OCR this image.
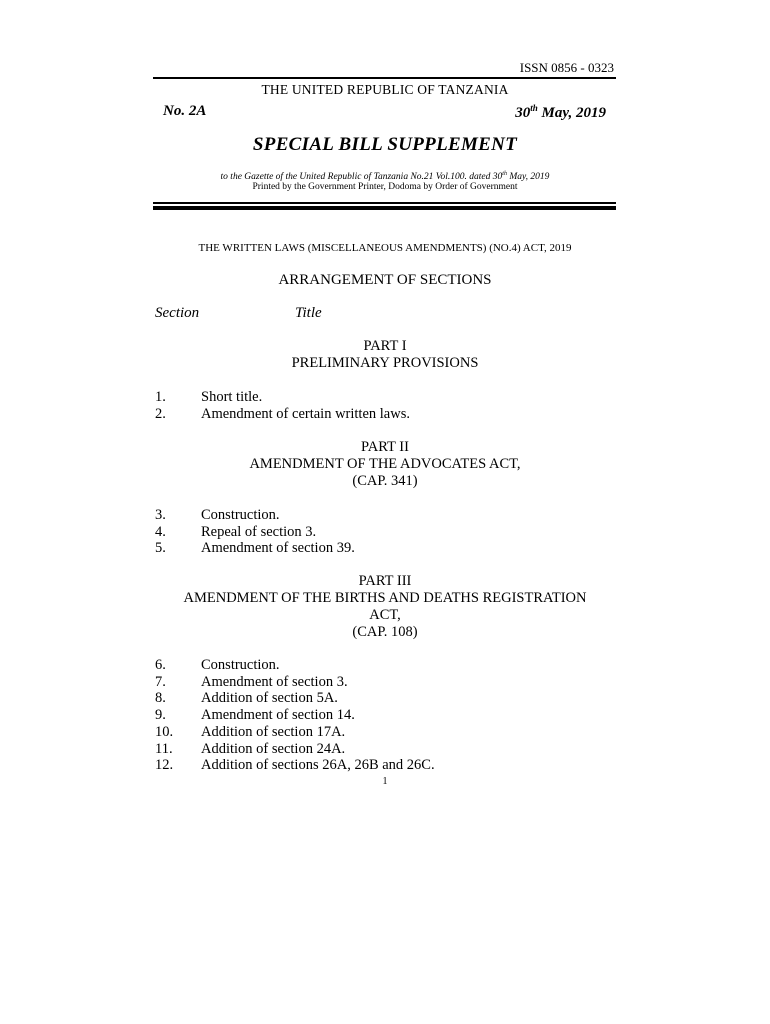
ISSN 0856 - 0323
THE UNITED REPUBLIC OF TANZANIA
No. 2A	30th May, 2019
SPECIAL BILL SUPPLEMENT
to the Gazette of the United Republic of Tanzania No.21 Vol.100. dated 30th May, 2019
Printed by the Government Printer, Dodoma by Order of Government
THE WRITTEN LAWS (MISCELLANEOUS AMENDMENTS) (NO.4) ACT, 2019
ARRANGEMENT OF SECTIONS
Section	Title
PART I
PRELIMINARY PROVISIONS
1.	Short title.
2.	Amendment of certain written laws.
PART II
AMENDMENT OF THE ADVOCATES ACT,
(CAP. 341)
3.	Construction.
4.	Repeal of section 3.
5.	Amendment of section 39.
PART III
AMENDMENT OF THE BIRTHS AND DEATHS REGISTRATION
ACT,
(CAP. 108)
6.	Construction.
7.	Amendment of section 3.
8.	Addition of section 5A.
9.	Amendment of section 14.
10.	Addition of section 17A.
11.	Addition of section 24A.
12.	Addition of sections 26A, 26B and 26C.
1
